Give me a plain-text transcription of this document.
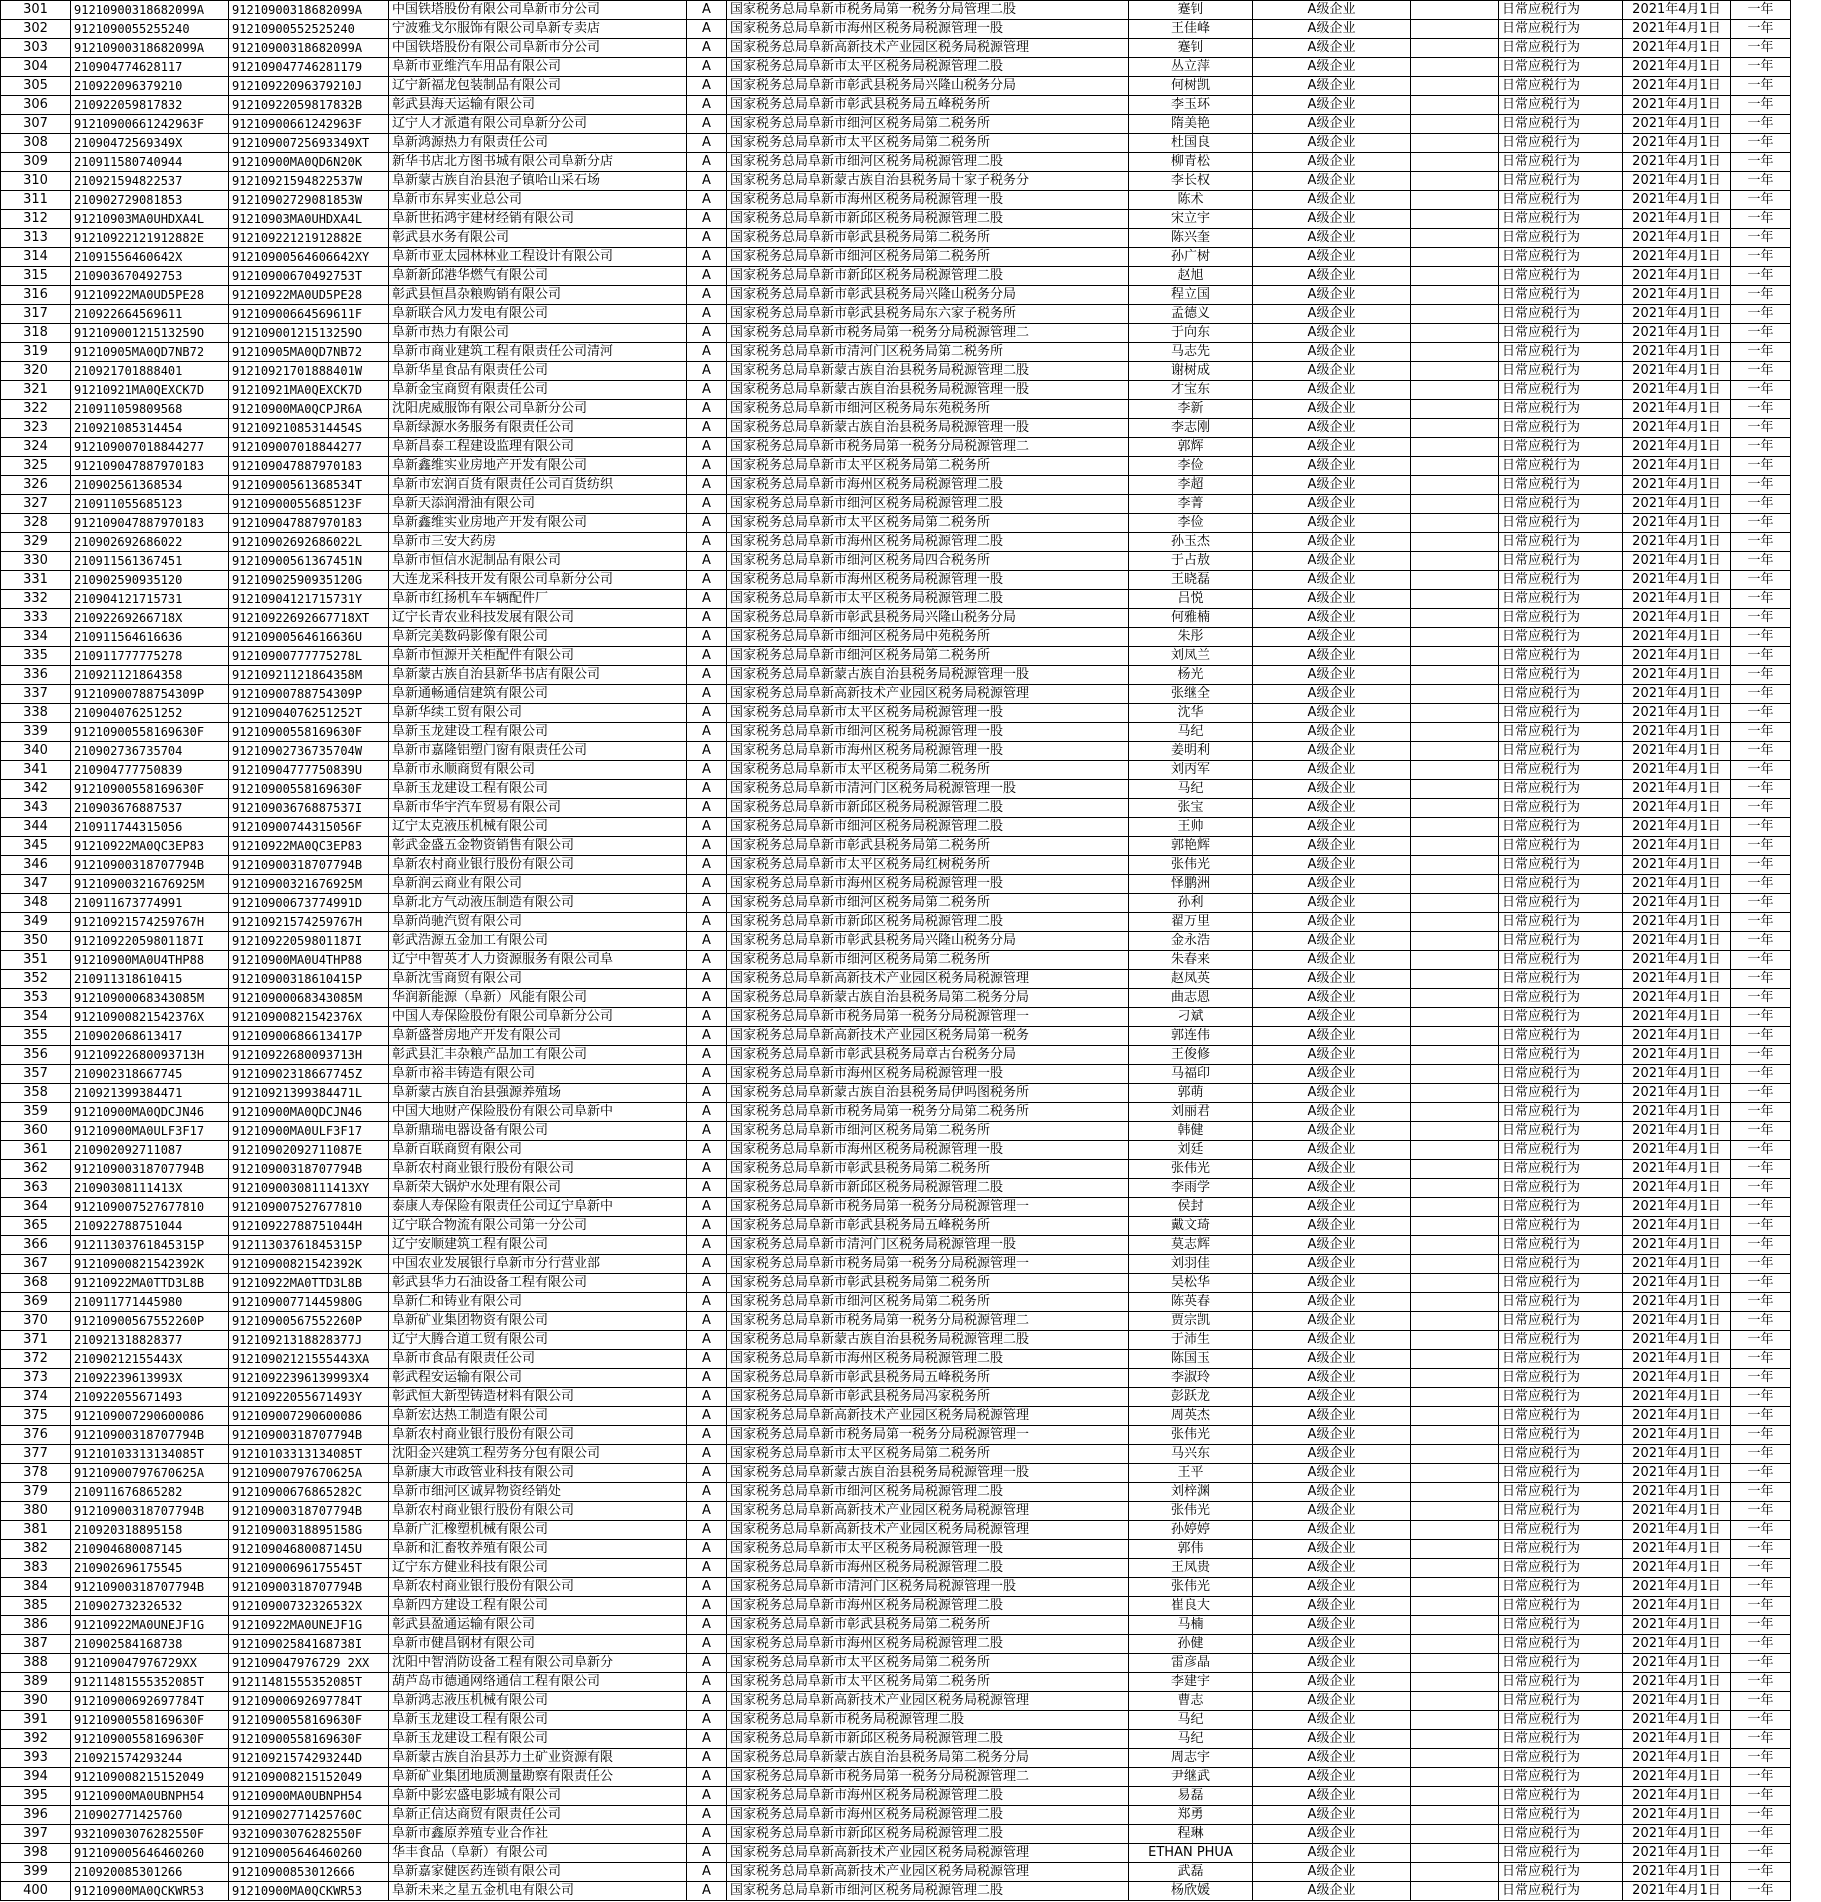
301	91210900318682099A	91210900318682099A	中国铁塔股份有限公司阜新市分公司	A	国家税务总局阜新市税务局第一税务分局管理二股	蹇钊	A级企业		日常应税行为	2021年4月1日	一年
302	9121090055255240	91210900552525240	宁波雅戈尔服饰有限公司阜新专卖店	A	国家税务总局阜新市海州区税务局税源管理一股	王佳峰	A级企业		日常应税行为	2021年4月1日	一年
303	91210900318682099A	91210900318682099A	中国铁塔股份有限公司阜新市分公司	A	国家税务总局阜新高新技术产业园区税务局税源管理	蹇钊	A级企业		日常应税行为	2021年4月1日	一年
304	210904774628117	912109047746281179	阜新市亚维汽车用品有限公司	A	国家税务总局阜新市太平区税务局税源管理二股	丛立萍	A级企业		日常应税行为	2021年4月1日	一年
305	210922096379210	91210922096379210J	辽宁新福龙包装制品有限公司	A	国家税务总局阜新市彰武县税务局兴隆山税务分局	何树凯	A级企业		日常应税行为	2021年4月1日	一年
306	210922059817832	91210922059817832B	彰武县海天运输有限公司	A	国家税务总局阜新市彰武县税务局五峰税务所	李玉环	A级企业		日常应税行为	2021年4月1日	一年
307	91210900661242963F	91210900661242963F	辽宁人才派遣有限公司阜新分公司	A	国家税务总局阜新市细河区税务局第二税务所	隋美艳	A级企业		日常应税行为	2021年4月1日	一年
308	21090472569349X	91210900725693349XT	阜新鸿源热力有限责任公司	A	国家税务总局阜新市太平区税务局第二税务所	杜国良	A级企业		日常应税行为	2021年4月1日	一年
309	210911580740944	91210900MA0QD6N20K	新华书店北方图书城有限公司阜新分店	A	国家税务总局阜新市细河区税务局税源管理二股	柳青松	A级企业		日常应税行为	2021年4月1日	一年
310	210921594822537	91210921594822537W	阜新蒙古族自治县泡子镇哈山采石场	A	国家税务总局阜新蒙古族自治县税务局十家子税务分	李长权	A级企业		日常应税行为	2021年4月1日	一年
311	210902729081853	91210902729081853W	阜新市东昇实业总公司	A	国家税务总局阜新市海州区税务局税源管理一股	陈术	A级企业		日常应税行为	2021年4月1日	一年
312	91210903MA0UHDXA4L	91210903MA0UHDXA4L	阜新世拓鸿宇建材经销有限公司	A	国家税务总局阜新市新邱区税务局税源管理二股	宋立宇	A级企业		日常应税行为	2021年4月1日	一年
313	91210922121912882E	91210922121912882E	彰武县水务有限公司	A	国家税务总局阜新市彰武县税务局第二税务所	陈兴奎	A级企业		日常应税行为	2021年4月1日	一年
314	21091556460642X	91210900564606642XY	阜新市亚太园林林业工程设计有限公司	A	国家税务总局阜新市细河区税务局第二税务所	孙广树	A级企业		日常应税行为	2021年4月1日	一年
315	210903670492753	91210900670492753T	阜新新邱港华燃气有限公司	A	国家税务总局阜新市新邱区税务局税源管理二股	赵旭	A级企业		日常应税行为	2021年4月1日	一年
316	91210922MA0UD5PE28	91210922MA0UD5PE28	彰武县恒昌杂粮购销有限公司	A	国家税务总局阜新市彰武县税务局兴隆山税务分局	程立国	A级企业		日常应税行为	2021年4月1日	一年
317	210922664569611	91210900664569611F	阜新联合风力发电有限公司	A	国家税务总局阜新市彰武县税务局东六家子税务所	孟德义	A级企业		日常应税行为	2021年4月1日	一年
318	91210900121513259O	91210900121513259O	阜新市热力有限公司	A	国家税务总局阜新市税务局第一税务分局税源管理二	于向东	A级企业		日常应税行为	2021年4月1日	一年
319	91210905MA0QD7NB72	91210905MA0QD7NB72	阜新市商业建筑工程有限责任公司清河	A	国家税务总局阜新市清河门区税务局第二税务所	马志先	A级企业		日常应税行为	2021年4月1日	一年
320	210921701888401	91210921701888401W	阜新华星食品有限责任公司	A	国家税务总局阜新蒙古族自治县税务局税源管理二股	谢树成	A级企业		日常应税行为	2021年4月1日	一年
321	91210921MA0QEXCK7D	91210921MA0QEXCK7D	阜新金宝商贸有限责任公司	A	国家税务总局阜新蒙古族自治县税务局税源管理一股	才宝东	A级企业		日常应税行为	2021年4月1日	一年
322	210911059809568	91210900MA0QCPJR6A	沈阳虎威服饰有限公司阜新分公司	A	国家税务总局阜新市细河区税务局东苑税务所	李新	A级企业		日常应税行为	2021年4月1日	一年
323	210921085314454	91210921085314454S	阜新绿源水务服务有限责任公司	A	国家税务总局阜新蒙古族自治县税务局税源管理一股	李志刚	A级企业		日常应税行为	2021年4月1日	一年
324	912109007018844277	912109007018844277	阜新昌泰工程建设监理有限公司	A	国家税务总局阜新市税务局第一税务分局税源管理二	郭辉	A级企业		日常应税行为	2021年4月1日	一年
325	912109047887970183	912109047887970183	阜新鑫维实业房地产开发有限公司	A	国家税务总局阜新市太平区税务局第二税务所	李俭	A级企业		日常应税行为	2021年4月1日	一年
326	210902561368534	91210900561368534T	阜新市宏润百货有限责任公司百货纺织	A	国家税务总局阜新市海州区税务局税源管理二股	李超	A级企业		日常应税行为	2021年4月1日	一年
327	210911055685123	91210900055685123F	阜新天添润滑油有限公司	A	国家税务总局阜新市细河区税务局税源管理二股	李菁	A级企业		日常应税行为	2021年4月1日	一年
328	912109047887970183	912109047887970183	阜新鑫维实业房地产开发有限公司	A	国家税务总局阜新市太平区税务局第二税务所	李俭	A级企业		日常应税行为	2021年4月1日	一年
329	210902692686022	91210902692686022L	阜新市三安大药房	A	国家税务总局阜新市海州区税务局税源管理二股	孙玉杰	A级企业		日常应税行为	2021年4月1日	一年
330	210911561367451	91210900561367451N	阜新市恒信水泥制品有限公司	A	国家税务总局阜新市细河区税务局四合税务所	于占敖	A级企业		日常应税行为	2021年4月1日	一年
331	210902590935120	91210902590935120G	大连龙采科技开发有限公司阜新分公司	A	国家税务总局阜新市海州区税务局税源管理一股	王晓磊	A级企业		日常应税行为	2021年4月1日	一年
332	210904121715731	91210904121715731Y	阜新市红扬机车车辆配件厂	A	国家税务总局阜新市太平区税务局税源管理二股	吕悦	A级企业		日常应税行为	2021年4月1日	一年
333	21092269266718X	91210922692667718XT	辽宁长青农业科技发展有限公司	A	国家税务总局阜新市彰武县税务局兴隆山税务分局	何雅楠	A级企业		日常应税行为	2021年4月1日	一年
334	210911564616636	91210900564616636U	阜新完美数码影像有限公司	A	国家税务总局阜新市细河区税务局中苑税务所	朱彤	A级企业		日常应税行为	2021年4月1日	一年
335	210911777775278	91210900777775278L	阜新市恒源开关柜配件有限公司	A	国家税务总局阜新市细河区税务局第二税务所	刘凤兰	A级企业		日常应税行为	2021年4月1日	一年
336	210921121864358	91210921121864358M	阜新蒙古族自治县新华书店有限公司	A	国家税务总局阜新蒙古族自治县税务局税源管理一股	杨光	A级企业		日常应税行为	2021年4月1日	一年
337	91210900788754309P	91210900788754309P	阜新通畅通信建筑有限公司	A	国家税务总局阜新高新技术产业园区税务局税源管理	张继全	A级企业		日常应税行为	2021年4月1日	一年
338	210904076251252	91210904076251252T	阜新华续工贸有限公司	A	国家税务总局阜新市太平区税务局税源管理一股	沈华	A级企业		日常应税行为	2021年4月1日	一年
339	91210900558169630F	91210900558169630F	阜新玉龙建设工程有限公司	A	国家税务总局阜新市细河区税务局税源管理一股	马纪	A级企业		日常应税行为	2021年4月1日	一年
340	210902736735704	91210902736735704W	阜新市嘉隆铝塑门窗有限责任公司	A	国家税务总局阜新市海州区税务局税源管理一股	姜明利	A级企业		日常应税行为	2021年4月1日	一年
341	210904777750839	91210904777750839U	阜新市永顺商贸有限公司	A	国家税务总局阜新市太平区税务局第二税务所	刘丙军	A级企业		日常应税行为	2021年4月1日	一年
342	91210900558169630F	91210900558169630F	阜新玉龙建设工程有限公司	A	国家税务总局阜新市清河门区税务局税源管理一股	马纪	A级企业		日常应税行为	2021年4月1日	一年
343	210903676887537	91210903676887537I	阜新市华宇汽车贸易有限公司	A	国家税务总局阜新市新邱区税务局税源管理二股	张宝	A级企业		日常应税行为	2021年4月1日	一年
344	210911744315056	91210900744315056F	辽宁太克液压机械有限公司	A	国家税务总局阜新市细河区税务局税源管理二股	王帅	A级企业		日常应税行为	2021年4月1日	一年
345	91210922MA0QC3EP83	91210922MA0QC3EP83	彰武金盛五金物资销售有限公司	A	国家税务总局阜新市彰武县税务局第二税务所	郭艳辉	A级企业		日常应税行为	2021年4月1日	一年
346	91210900318707794B	91210900318707794B	阜新农村商业银行股份有限公司	A	国家税务总局阜新市太平区税务局红树税务所	张伟光	A级企业		日常应税行为	2021年4月1日	一年
347	91210900321676925M	91210900321676925M	阜新润云商业有限公司	A	国家税务总局阜新市海州区税务局税源管理一股	怿鹏洲	A级企业		日常应税行为	2021年4月1日	一年
348	210911673774991	91210900673774991D	阜新北方气动液压制造有限公司	A	国家税务总局阜新市细河区税务局第二税务所	孙利	A级企业		日常应税行为	2021年4月1日	一年
349	91210921574259767H	91210921574259767H	阜新尚驰汽贸有限公司	A	国家税务总局阜新市新邱区税务局税源管理二股	翟万里	A级企业		日常应税行为	2021年4月1日	一年
350	91210922059801187I	91210922059801187I	彰武浩源五金加工有限公司	A	国家税务总局阜新市彰武县税务局兴隆山税务分局	金永浩	A级企业		日常应税行为	2021年4月1日	一年
351	91210900MA0U4THP88	91210900MA0U4THP88	辽宁中智英才人力资源服务有限公司阜	A	国家税务总局阜新市细河区税务局第二税务所	朱春来	A级企业		日常应税行为	2021年4月1日	一年
352	210911318610415	91210900318610415P	阜新沈雪商贸有限公司	A	国家税务总局阜新高新技术产业园区税务局税源管理	赵凤英	A级企业		日常应税行为	2021年4月1日	一年
353	91210900068343085M	91210900068343085M	华润新能源（阜新）风能有限公司	A	国家税务总局阜新蒙古族自治县税务局第二税务分局	曲志恩	A级企业		日常应税行为	2021年4月1日	一年
354	91210900821542376X	91210900821542376X	中国人寿保险股份有限公司阜新分公司	A	国家税务总局阜新市税务局第一税务分局税源管理一	刁斌	A级企业		日常应税行为	2021年4月1日	一年
355	210902068613417	91210900686613417P	阜新盛誉房地产开发有限公司	A	国家税务总局阜新高新技术产业园区税务局第一税务	郭连伟	A级企业		日常应税行为	2021年4月1日	一年
356	91210922680093713H	91210922680093713H	彰武县汇丰杂粮产品加工有限公司	A	国家税务总局阜新市彰武县税务局章古台税务分局	王俊修	A级企业		日常应税行为	2021年4月1日	一年
357	210902318667745	91210902318667745Z	阜新市裕丰铸造有限公司	A	国家税务总局阜新市海州区税务局税源管理一股	马福印	A级企业		日常应税行为	2021年4月1日	一年
358	210921399384471	91210921399384471L	阜新蒙古族自治县强源养殖场	A	国家税务总局阜新蒙古族自治县税务局伊吗图税务所	郭萌	A级企业		日常应税行为	2021年4月1日	一年
359	91210900MA0QDCJN46	91210900MA0QDCJN46	中国大地财产保险股份有限公司阜新中	A	国家税务总局阜新市税务局第一税务分局第二税务所	刘丽君	A级企业		日常应税行为	2021年4月1日	一年
360	91210900MA0ULF3F17	91210900MA0ULF3F17	阜新鼎瑞电器设备有限公司	A	国家税务总局阜新市细河区税务局第二税务所	韩健	A级企业		日常应税行为	2021年4月1日	一年
361	210902092711087	91210902092711087E	阜新百联商贸有限公司	A	国家税务总局阜新市海州区税务局税源管理一股	刘廷	A级企业		日常应税行为	2021年4月1日	一年
362	91210900318707794B	91210900318707794B	阜新农村商业银行股份有限公司	A	国家税务总局阜新市彰武县税务局第二税务所	张伟光	A级企业		日常应税行为	2021年4月1日	一年
363	21090308111413X	91210900308111413XY	阜新荣大锅炉水处理有限公司	A	国家税务总局阜新市新邱区税务局税源管理二股	李雨学	A级企业		日常应税行为	2021年4月1日	一年
364	912109007527677810	912109007527677810	泰康人寿保险有限责任公司辽宁阜新中	A	国家税务总局阜新市税务局第一税务分局税源管理一	侯封	A级企业		日常应税行为	2021年4月1日	一年
365	210922788751044	91210922788751044H	辽宁联合物流有限公司第一分公司	A	国家税务总局阜新市彰武县税务局五峰税务所	戴文琦	A级企业		日常应税行为	2021年4月1日	一年
366	91211303761845315P	91211303761845315P	辽宁安顺建筑工程有限公司	A	国家税务总局阜新市清河门区税务局税源管理一股	莫志辉	A级企业		日常应税行为	2021年4月1日	一年
367	91210900821542392K	91210900821542392K	中国农业发展银行阜新市分行营业部	A	国家税务总局阜新市税务局第一税务分局税源管理一	刘羽佳	A级企业		日常应税行为	2021年4月1日	一年
368	91210922MA0TTD3L8B	91210922MA0TTD3L8B	彰武县华力石油设备工程有限公司	A	国家税务总局阜新市彰武县税务局第二税务所	吴松华	A级企业		日常应税行为	2021年4月1日	一年
369	210911771445980	91210900771445980G	阜新仁和铸业有限公司	A	国家税务总局阜新市细河区税务局第二税务所	陈英春	A级企业		日常应税行为	2021年4月1日	一年
370	91210900567552260P	91210900567552260P	阜新矿业集团物资有限公司	A	国家税务总局阜新市税务局第一税务分局税源管理二	贾宗凯	A级企业		日常应税行为	2021年4月1日	一年
371	210921318828377	91210921318828377J	辽宁大腾合道工贸有限公司	A	国家税务总局阜新蒙古族自治县税务局税源管理二股	于沛生	A级企业		日常应税行为	2021年4月1日	一年
372	21090212155443X	91210902121555443XA	阜新市食品有限责任公司	A	国家税务总局阜新市海州区税务局税源管理二股	陈国玉	A级企业		日常应税行为	2021年4月1日	一年
373	21092239613993X	91210922396139993X4	彰武程安运输有限公司	A	国家税务总局阜新市彰武县税务局五峰税务所	李淑玲	A级企业		日常应税行为	2021年4月1日	一年
374	210922055671493	91210922055671493Y	彰武恒大新型铸造材料有限公司	A	国家税务总局阜新市彰武县税务局冯家税务所	彭跃龙	A级企业		日常应税行为	2021年4月1日	一年
375	912109007290600086	912109007290600086	阜新宏达热工制造有限公司	A	国家税务总局阜新高新技术产业园区税务局税源管理	周英杰	A级企业		日常应税行为	2021年4月1日	一年
376	91210900318707794B	91210900318707794B	阜新农村商业银行股份有限公司	A	国家税务总局阜新市税务局第一税务分局税源管理一	张伟光	A级企业		日常应税行为	2021年4月1日	一年
377	91210103313134085T	91210103313134085T	沈阳金兴建筑工程劳务分包有限公司	A	国家税务总局阜新市太平区税务局第二税务所	马兴东	A级企业		日常应税行为	2021年4月1日	一年
378	91210900797670625A	91210900797670625A	阜新康大市政管业科技有限公司	A	国家税务总局阜新蒙古族自治县税务局税源管理一股	王平	A级企业		日常应税行为	2021年4月1日	一年
379	210911676865282	91210900676865282C	阜新市细河区诚昇物资经销处	A	国家税务总局阜新市细河区税务局税源管理二股	刘梓渊	A级企业		日常应税行为	2021年4月1日	一年
380	91210900318707794B	91210900318707794B	阜新农村商业银行股份有限公司	A	国家税务总局阜新高新技术产业园区税务局税源管理	张伟光	A级企业		日常应税行为	2021年4月1日	一年
381	210920318895158	91210900318895158G	阜新广汇橡塑机械有限公司	A	国家税务总局阜新高新技术产业园区税务局税源管理	孙婷婷	A级企业		日常应税行为	2021年4月1日	一年
382	210904680087145	91210904680087145U	阜新和汇畜牧养殖有限公司	A	国家税务总局阜新市太平区税务局税源管理一股	郭伟	A级企业		日常应税行为	2021年4月1日	一年
383	210902696175545	91210900696175545T	辽宁东方健业科技有限公司	A	国家税务总局阜新市海州区税务局税源管理二股	王凤贵	A级企业		日常应税行为	2021年4月1日	一年
384	91210900318707794B	91210900318707794B	阜新农村商业银行股份有限公司	A	国家税务总局阜新市清河门区税务局税源管理一股	张伟光	A级企业		日常应税行为	2021年4月1日	一年
385	210902732326532	91210900732326532X	阜新四方建设工程有限公司	A	国家税务总局阜新市海州区税务局税源管理二股	崔良大	A级企业		日常应税行为	2021年4月1日	一年
386	91210922MA0UNEJF1G	91210922MA0UNEJF1G	彰武县盈通运输有限公司	A	国家税务总局阜新市彰武县税务局第二税务所	马楠	A级企业		日常应税行为	2021年4月1日	一年
387	210902584168738	91210902584168738I	阜新市健昌钢材有限公司	A	国家税务总局阜新市海州区税务局税源管理二股	孙健	A级企业		日常应税行为	2021年4月1日	一年
388	912109047976729XX	912109047976729 2XX	沈阳中智消防设备工程有限公司阜新分	A	国家税务总局阜新市太平区税务局第二税务所	雷彦晶	A级企业		日常应税行为	2021年4月1日	一年
389	91211481555352085T	91211481555352085T	葫芦岛市德通网络通信工程有限公司	A	国家税务总局阜新市太平区税务局第二税务所	李建宇	A级企业		日常应税行为	2021年4月1日	一年
390	91210900692697784T	91210900692697784T	阜新鸿志液压机械有限公司	A	国家税务总局阜新高新技术产业园区税务局税源管理	曹志	A级企业		日常应税行为	2021年4月1日	一年
391	91210900558169630F	91210900558169630F	阜新玉龙建设工程有限公司	A	国家税务总局阜新市税务局税源管理二股	马纪	A级企业		日常应税行为	2021年4月1日	一年
392	91210900558169630F	91210900558169630F	阜新玉龙建设工程有限公司	A	国家税务总局阜新市新邱区税务局税源管理二股	马纪	A级企业		日常应税行为	2021年4月1日	一年
393	210921574293244	91210921574293244D	阜新蒙古族自治县苏力土矿业资源有限	A	国家税务总局阜新蒙古族自治县税务局第二税务分局	周志宇	A级企业		日常应税行为	2021年4月1日	一年
394	912109008215152049	912109008215152049	阜新矿业集团地质测量勘察有限责任公	A	国家税务总局阜新市税务局第一税务分局税源管理二	尹继武	A级企业		日常应税行为	2021年4月1日	一年
395	91210900MA0UBNPH54	91210900MA0UBNPH54	阜新中影宏盛电影城有限公司	A	国家税务总局阜新市海州区税务局税源管理二股	易磊	A级企业		日常应税行为	2021年4月1日	一年
396	210902771425760	91210902771425760C	阜新正信达商贸有限责任公司	A	国家税务总局阜新市海州区税务局税源管理二股	郑勇	A级企业		日常应税行为	2021年4月1日	一年
397	93210903076282550F	93210903076282550F	阜新市鑫原养殖专业合作社	A	国家税务总局阜新市新邱区税务局税源管理二股	程琳	A级企业		日常应税行为	2021年4月1日	一年
398	912109005646460260	912109005646460260	华丰食品（阜新）有限公司	A	国家税务总局阜新高新技术产业园区税务局税源管理	ETHAN PHUA	A级企业		日常应税行为	2021年4月1日	一年
399	210920085301266	91210900853012666	阜新嘉家健医药连锁有限公司	A	国家税务总局阜新高新技术产业园区税务局税源管理	武磊	A级企业		日常应税行为	2021年4月1日	一年
400	91210900MA0QCKWR53	91210900MA0QCKWR53	阜新未来之星五金机电有限公司	A	国家税务总局阜新市细河区税务局税源管理二股	杨欣媛	A级企业		日常应税行为	2021年4月1日	一年
